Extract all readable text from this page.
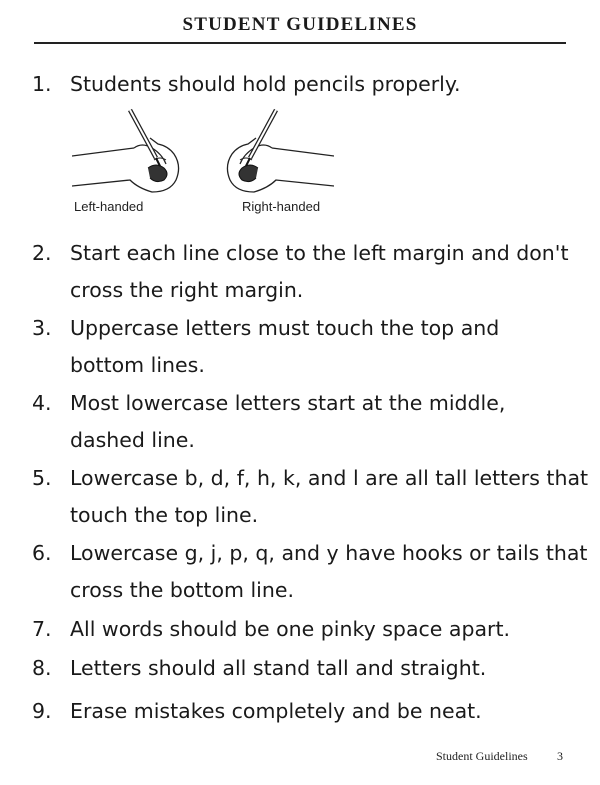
STUDENT GUIDELINES
1. Students should hold pencils properly.
Left-handed	Right-handed
2. Start each line close to the left margin and don't
cross the right margin.
3. Uppercase letters must touch the top and
bottom lines.
4. Most lowercase letters start at the middle,
dashed line.
5. Lowercase b, d, f, h, k, and l are all tall letters that
touch the top line.
6. Lowercase g, j, p, q, and y have hooks or tails that
cross the bottom line.
7. All words should be one pinky space apart.
8. Letters should all stand tall and straight.
9. Erase mistakes completely and be neat.
Student Guidelines 3
